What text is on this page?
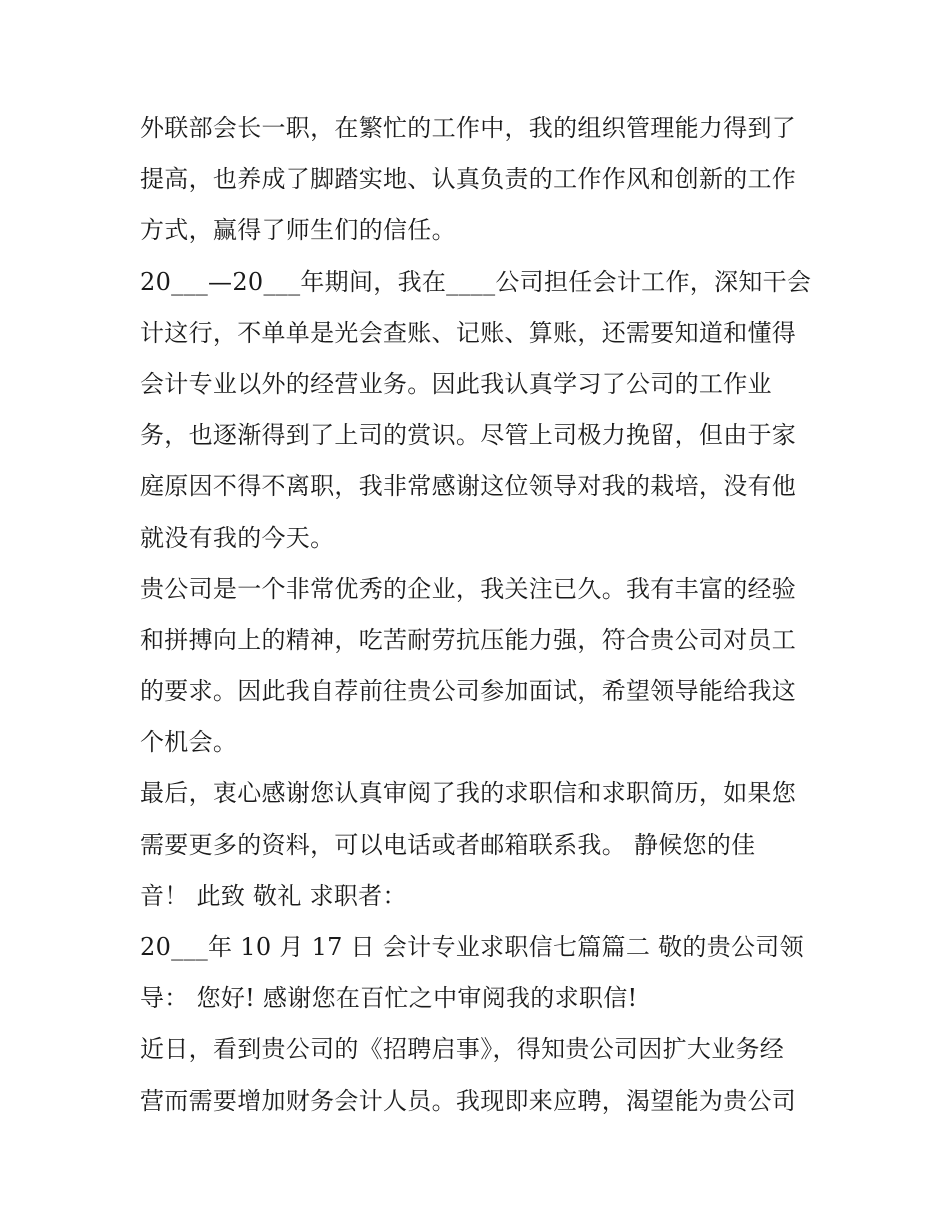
外联部会长一职，在繁忙的工作中，我的组织管理能力得到了
提高，也养成了脚踏实地、认真负责的工作作风和创新的工作
方式，赢得了师生们的信任。
20___—20___年期间，我在____公司担任会计工作，深知干会
计这行，不单单是光会查账、记账、算账，还需要知道和懂得
会计专业以外的经营业务。因此我认真学习了公司的工作业
务，也逐渐得到了上司的赏识。尽管上司极力挽留，但由于家
庭原因不得不离职，我非常感谢这位领导对我的栽培，没有他
就没有我的今天。
贵公司是一个非常优秀的企业，我关注已久。我有丰富的经验
和拼搏向上的精神，吃苦耐劳抗压能力强，符合贵公司对员工
的要求。因此我自荐前往贵公司参加面试，希望领导能给我这
个机会。
最后，衷心感谢您认真审阅了我的求职信和求职简历，如果您
需要更多的资料，可以电话或者邮箱联系我。 静候您的佳
音！ 此致 敬礼 求职者：
20___年 10 月 17 日 会计专业求职信七篇篇二 敬的贵公司领
导： 您好! 感谢您在百忙之中审阅我的求职信!
近日，看到贵公司的《招聘启事》，得知贵公司因扩大业务经
营而需要增加财务会计人员。我现即来应聘，渴望能为贵公司
